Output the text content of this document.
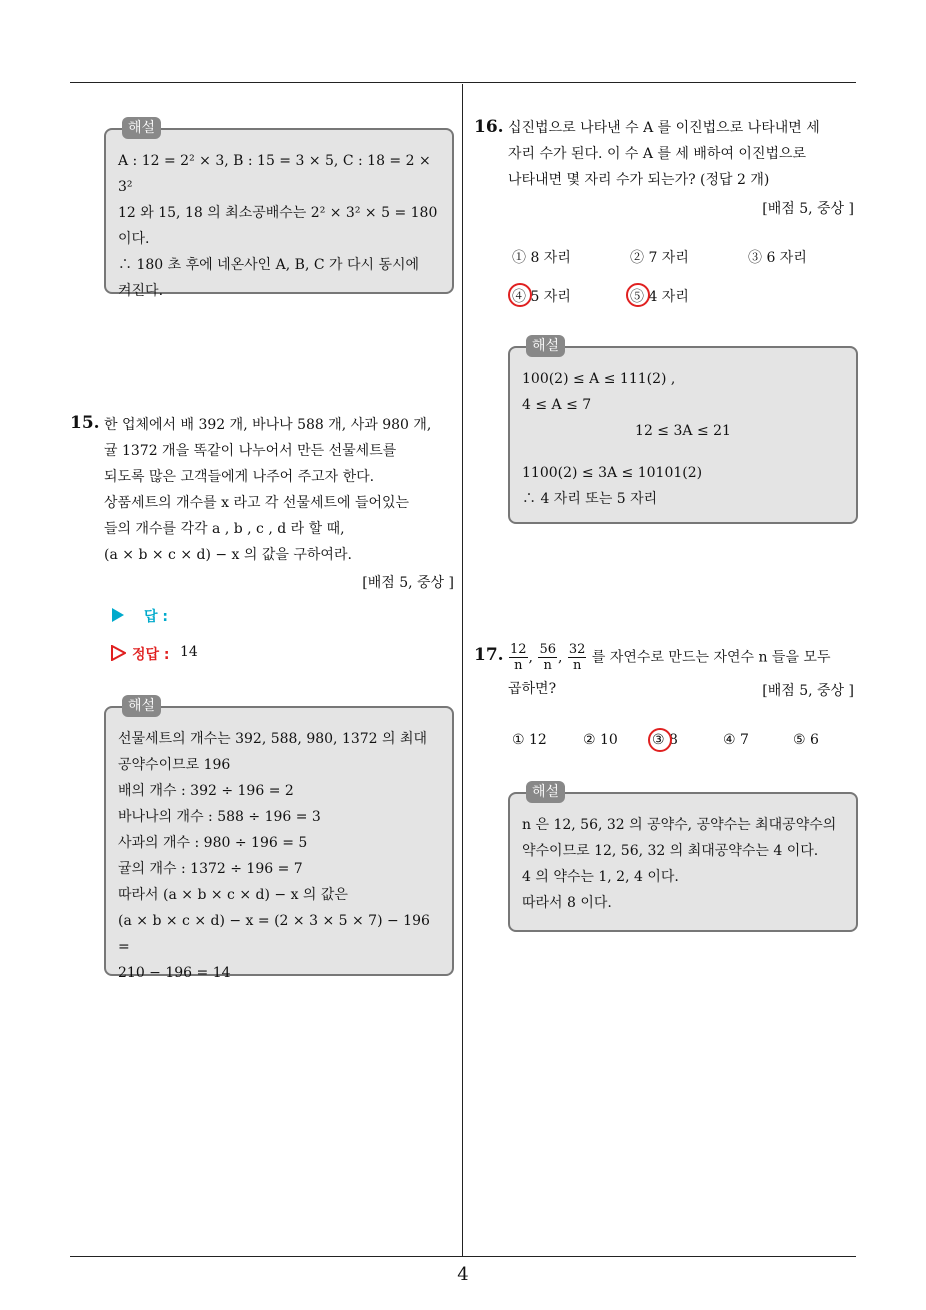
4
해설
A : 12 = 2² × 3, B : 15 = 3 × 5, C : 18 = 2 × 3²
12 와 15, 18 의 최소공배수는 2² × 3² × 5 = 180
이다.
∴ 180 초 후에 네온사인 A, B, C 가 다시 동시에
켜진다.
15. 한 업체에서 배 392 개, 바나나 588 개, 사과 980 개,
귤 1372 개을 똑같이 나누어서 만든 선물세트를
되도록 많은 고객들에게 나주어 주고자 한다.
상품세트의 개수를 x 라고 각 선물세트에 들어있는
들의 개수를 각각 a , b , c , d 라 할 때,
(a × b × c × d) − x 의 값을 구하여라.
[배점 5, 중상 ]
답 :
정답 : 14
해설
선물세트의 개수는 392, 588, 980, 1372 의 최대
공약수이므로 196
배의 개수 : 392 ÷ 196 = 2
바나나의 개수 : 588 ÷ 196 = 3
사과의 개수 : 980 ÷ 196 = 5
귤의 개수 : 1372 ÷ 196 = 7
따라서 (a × b × c × d) − x 의 값은
(a × b × c × d) − x = (2 × 3 × 5 × 7) − 196 =
210 − 196 = 14
16. 십진법으로 나타낸 수 A 를 이진법으로 나타내면 세
자리 수가 된다. 이 수 A 를 세 배하여 이진법으로
나타내면 몇 자리 수가 되는가? (정답 2 개)
[배점 5, 중상 ]
① 8 자리	② 7 자리	③ 6 자리
④ 5 자리	⑤ 4 자리
해설
100(2) ≤ A ≤ 111(2) ,
4 ≤ A ≤ 7
12 ≤ 3A ≤ 21
1100(2) ≤ 3A ≤ 10101(2)
∴ 4 자리 또는 5 자리
17. $\frac{12}{n}$ , $\frac{56}{n}$ , $\frac{32}{n}$ 를 자연수로 만드는 자연수 n 들을 모두
곱하면?	[배점 5, 중상 ]
① 12	② 10 ③ 8	④ 7	⑤ 6
해설
n 은 12, 56, 32 의 공약수, 공약수는 최대공약수의
약수이므로 12, 56, 32 의 최대공약수는 4 이다.
4 의 약수는 1, 2, 4 이다.
따라서 8 이다.
